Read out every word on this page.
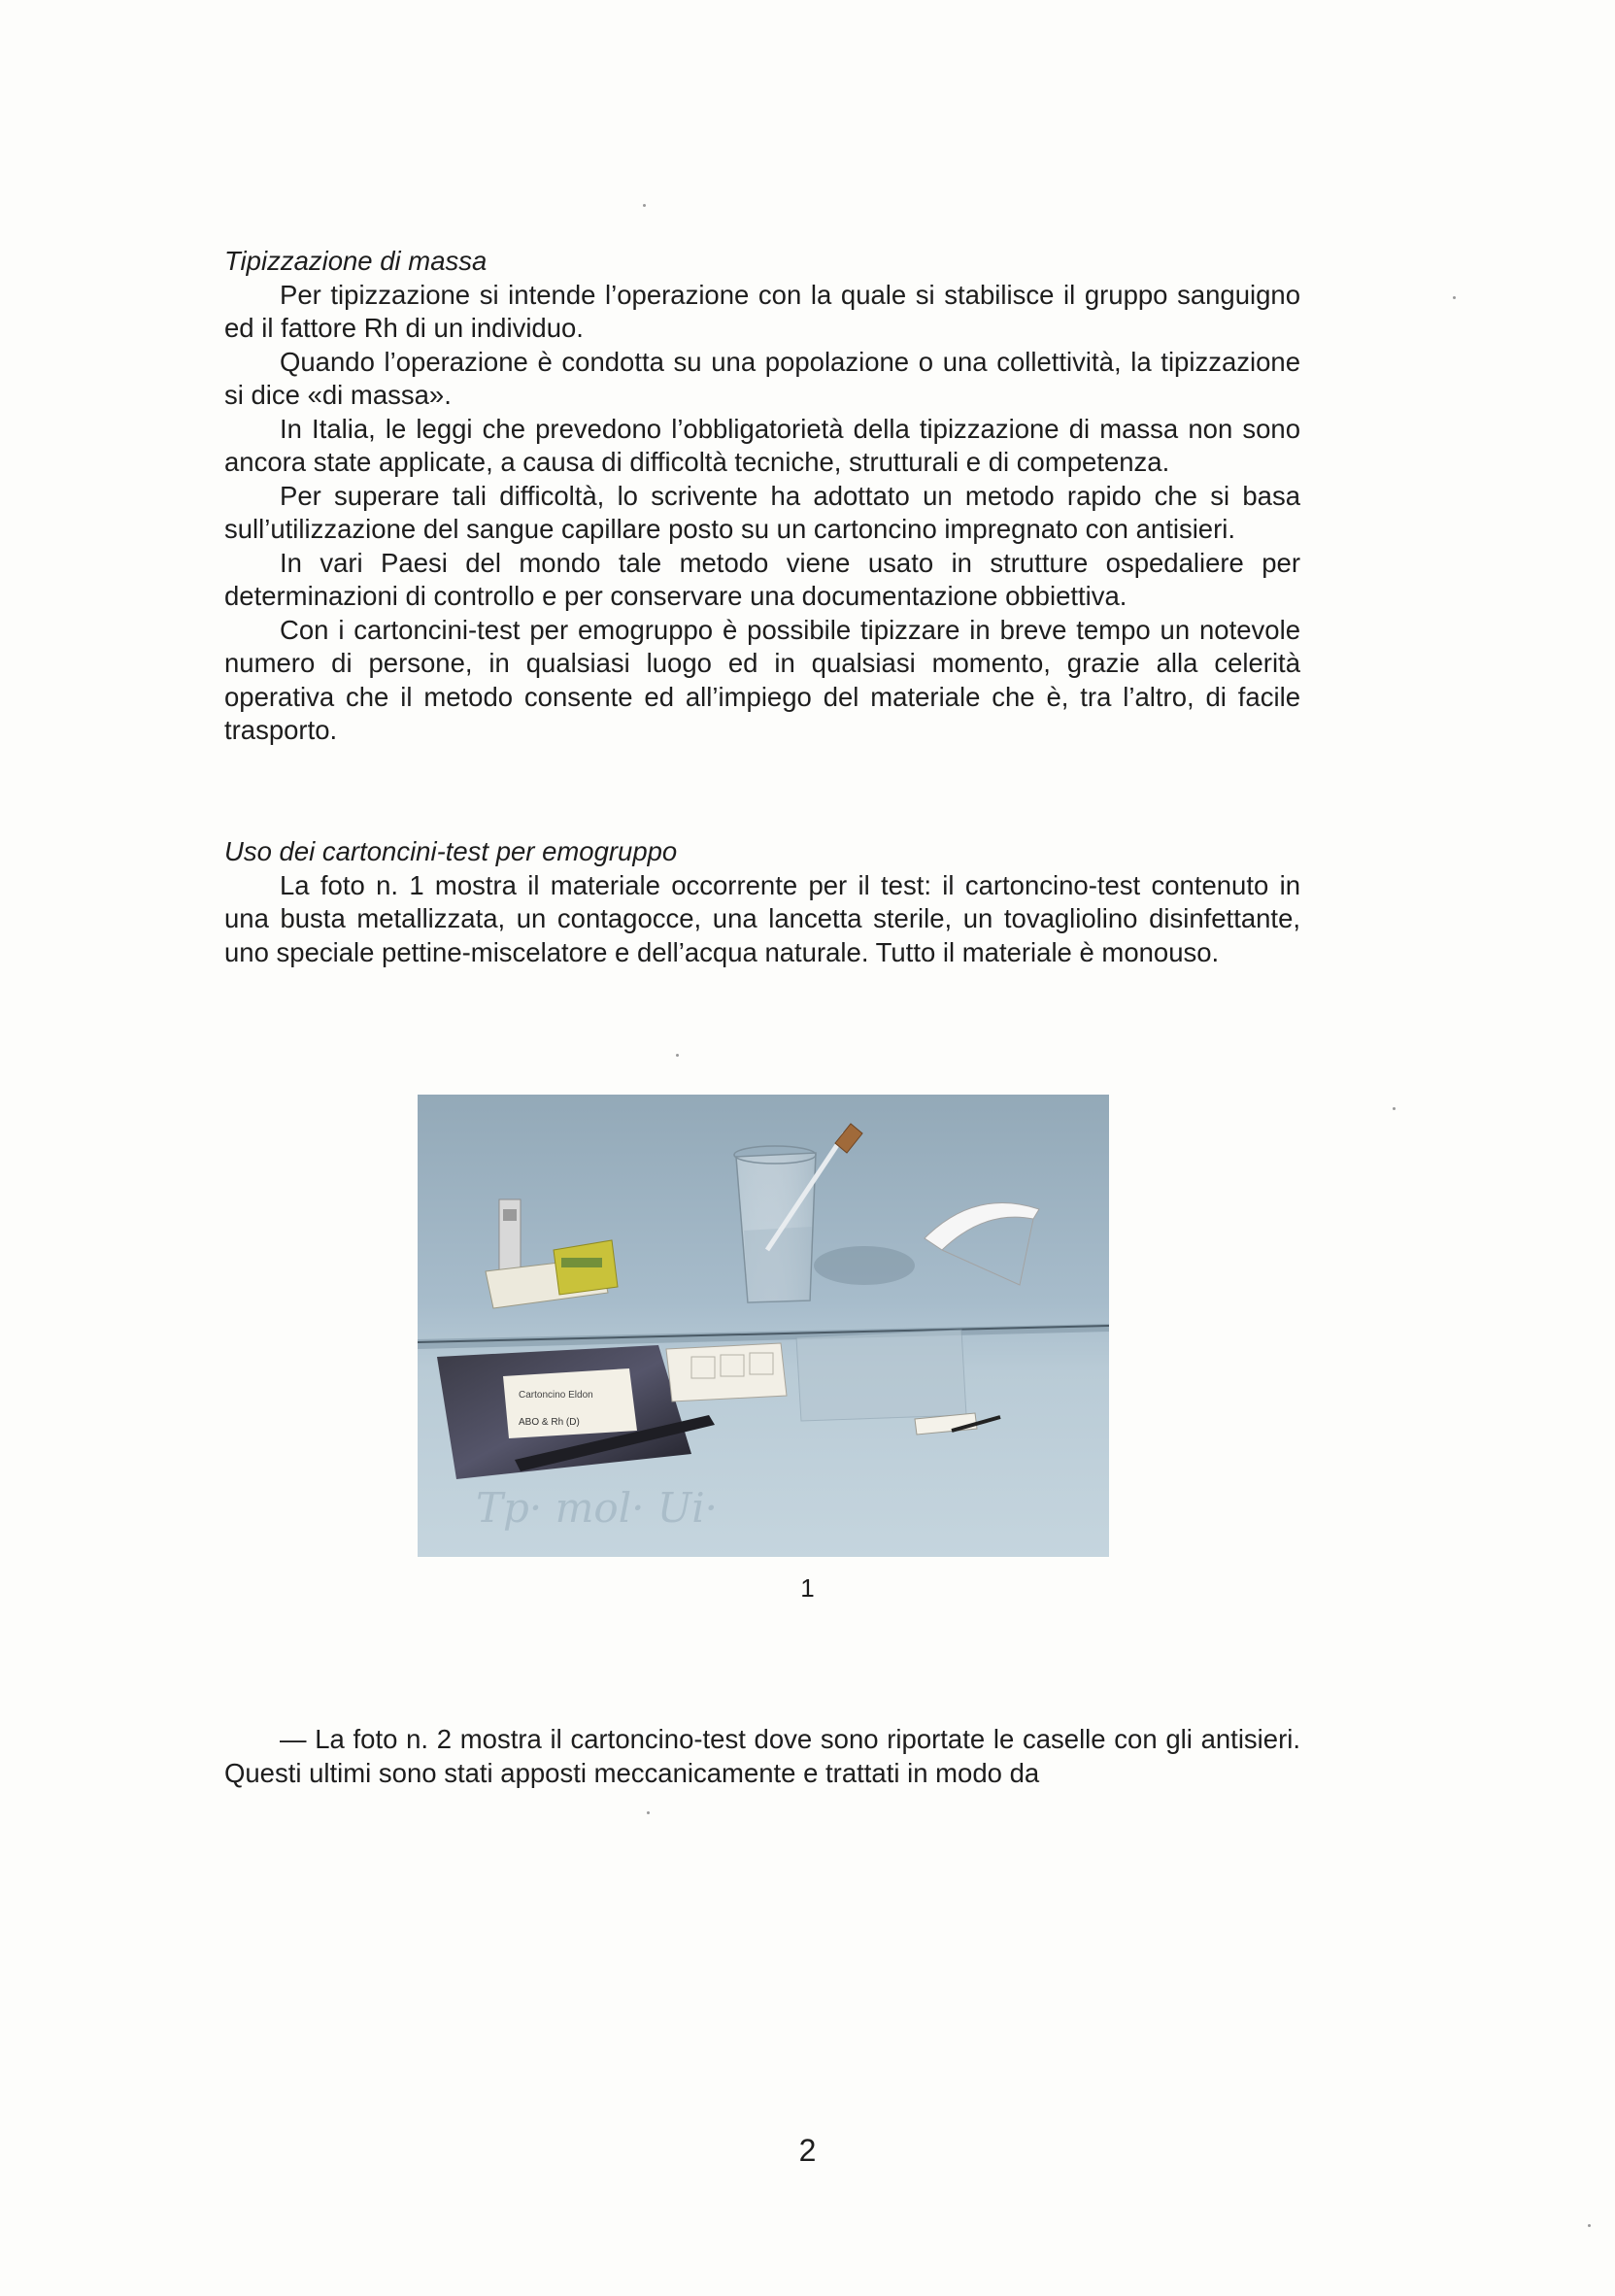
Tipizzazione di massa

Per tipizzazione si intende l’operazione con la quale si stabilisce il gruppo sanguigno ed il fattore Rh di un individuo.

Quando l’operazione è condotta su una popolazione o una collettività, la tipizzazione si dice «di massa».

In Italia, le leggi che prevedono l’obbligatorietà della tipizzazione di massa non sono ancora state applicate, a causa di difficoltà tecniche, strutturali e di competenza.

Per superare tali difficoltà, lo scrivente ha adottato un metodo rapido che si basa sull’utilizzazione del sangue capillare posto su un cartoncino impregnato con antisieri.

In vari Paesi del mondo tale metodo viene usato in strutture ospedaliere per determinazioni di controllo e per conservare una documentazione obbiettiva.

Con i cartoncini-test per emogruppo è possibile tipizzare in breve tempo un notevole numero di persone, in qualsiasi luogo ed in qualsiasi momento, grazie alla celerità operativa che il metodo consente ed all’impiego del materiale che è, tra l’altro, di facile trasporto.

Uso dei cartoncini-test per emogruppo

La foto n. 1 mostra il materiale occorrente per il test: il cartoncino-test contenuto in una busta metallizzata, un contagocce, una lancetta sterile, un tovagliolino disinfettante, uno speciale pettine-miscelatore e dell’acqua naturale. Tutto il materiale è monouso.

Cartoncino Eldon
ABO & Rh (D)
Tp· mol· Ui·
1

— La foto n. 2 mostra il cartoncino-test dove sono riportate le caselle con gli antisieri. Questi ultimi sono stati apposti meccanicamente e trattati in modo da

2
